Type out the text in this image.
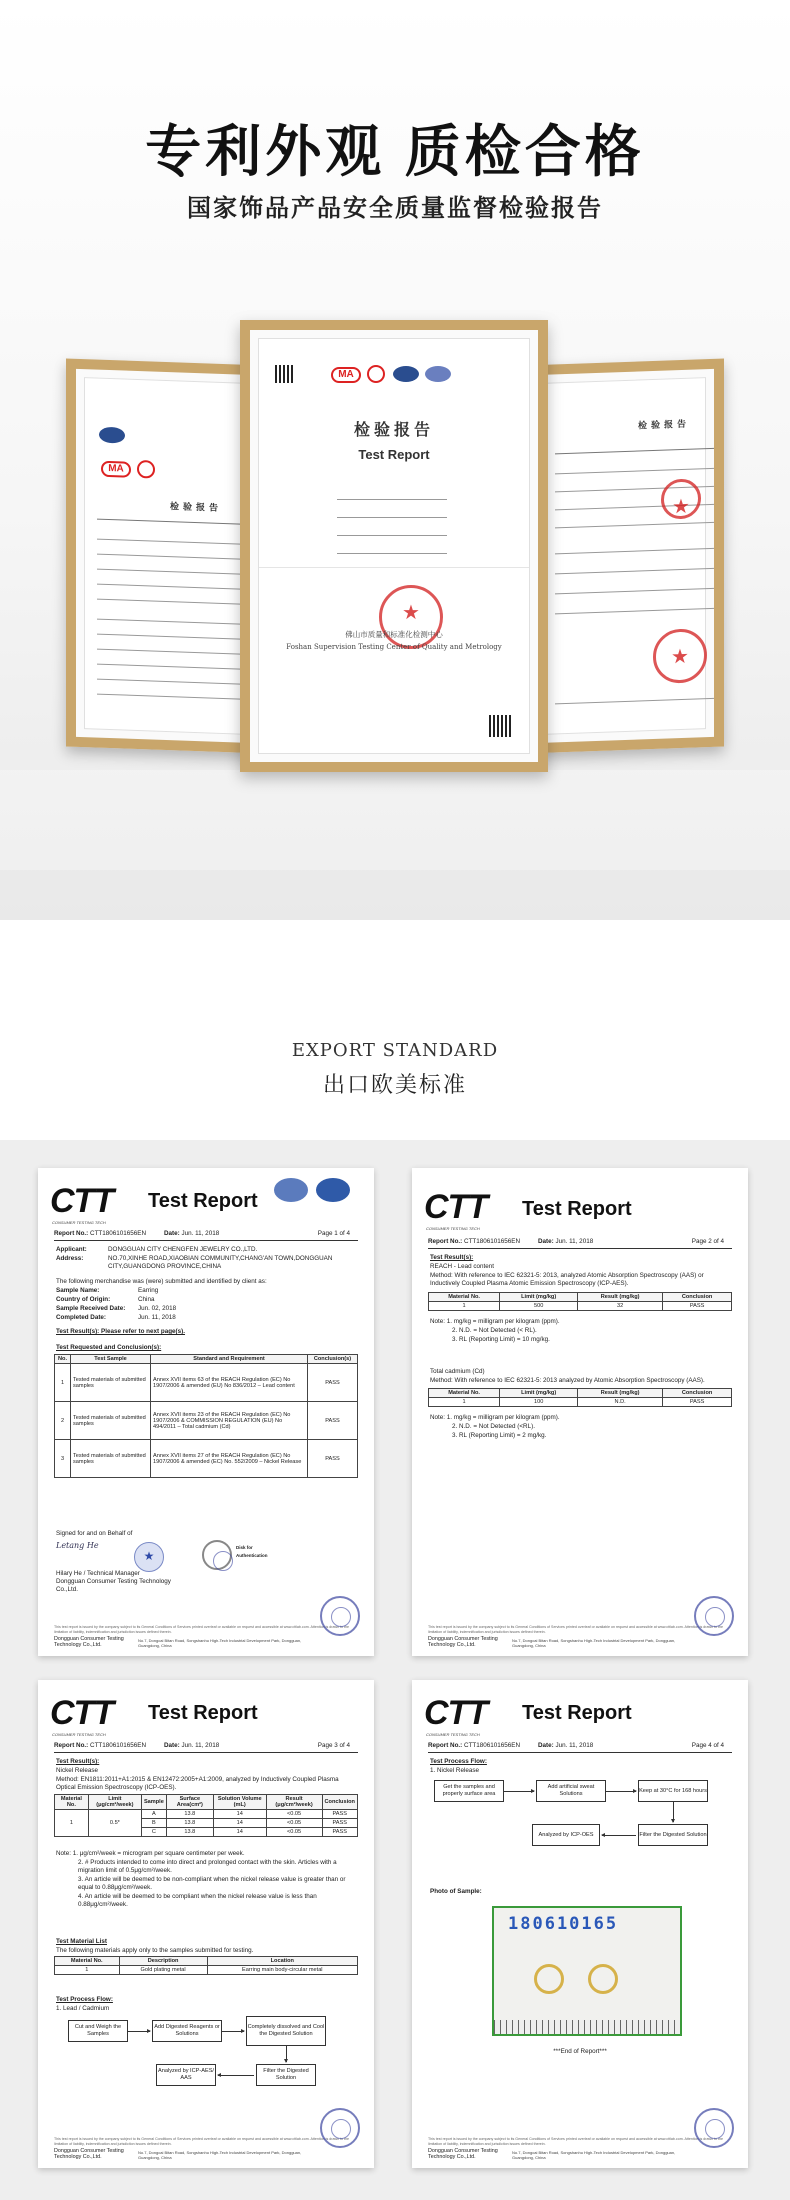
专利外观 质检合格
国家饰品产品安全质量监督检验报告
MA
检验报告
检验报告
★
★
MA
检验报告
Test Report
★
佛山市质量和标准化检测中心
Foshan Supervision Testing Center of Quality and Metrology
EXPORT STANDARD
出口欧美标准
CTT
CONSUMER TESTING TECH
Test Report
Report No.: CTT1806101656EN	Date: Jun. 11, 2018	Page 1 of 4
Applicant:	DONGGUAN CITY CHENGFEN JEWELRY CO.,LTD.
Address:	NO.70,XINHE ROAD,XIAOBIAN COMMUNITY,CHANG'AN TOWN,DONGGUAN CITY,GUANGDONG PROVINCE,CHINA
The following merchandise was (were) submitted and identified by client as:
Sample Name:	Earring
Country of Origin:	China
Sample Received Date: Jun. 02, 2018
Completed Date:	Jun. 11, 2018
Test Result(s): Please refer to next page(s).
Test Requested and Conclusion(s):
No.	Test Sample	Standard and Requirement	Conclusion(s)
1	Tested materials of submitted samples	Annex XVII items 63 of the REACH Regulation (EC) No 1907/2006 & amended (EU) No 836/2012 – Lead content	PASS
2	Tested materials of submitted samples	Annex XVII items 23 of the REACH Regulation (EC) No 1907/2006 & COMMISSION REGULATION (EU) No 494/2011 – Total cadmium (Cd)	PASS
3	Tested materials of submitted samples	Annex XVII items 27 of the REACH Regulation (EC) No 1907/2006 & amended (EC) No. 552/2009 – Nickel Release	PASS
Signed for and on Behalf of
Letang He
★
Hilary He / Technical Manager
Dongguan Consumer Testing Technology Co.,Ltd.
Disk for Authentication
This test report is issued by the company subject to its General Conditions of Services printed overleaf or available on request and accessible at www.cttlab.com. Attention is drawn to the limitation of liability, indemnification and jurisdiction issues defined therein.
Dongguan Consumer Testing Technology Co.,Ltd.
No.7, Dongcai Bitan Road, Songshanhu High-Tech Industrial Development Park, Dongguan, Guangdong, China
CTT
CONSUMER TESTING TECH
Test Report
Report No.: CTT1806101656EN	Date: Jun. 11, 2018	Page 2 of 4
Test Result(s):
REACH - Lead content
Method: With reference to IEC 62321-5: 2013, analyzed Atomic Absorption Spectroscopy (AAS) or Inductively Coupled Plasma Atomic Emission Spectroscopy (ICP-AES).
Material No.	Limit (mg/kg)	Result (mg/kg)	Conclusion
1	500	32	PASS
Note: 1. mg/kg = milligram per kilogram (ppm).
2. N.D. = Not Detected (< RL).
3. RL (Reporting Limit) = 10 mg/kg.
Total cadmium (Cd)
Method: With reference to IEC 62321-5: 2013 analyzed by Atomic Absorption Spectroscopy (AAS).
Material No.	Limit (mg/kg)	Result (mg/kg)	Conclusion
1	100	N.D.	PASS
Note: 1. mg/kg = milligram per kilogram (ppm).
2. N.D. = Not Detected (<RL).
3. RL (Reporting Limit) = 2 mg/kg.
This test report is issued by the company subject to its General Conditions of Services printed overleaf or available on request and accessible at www.cttlab.com. Attention is drawn to the limitation of liability, indemnification and jurisdiction issues defined therein.
Dongguan Consumer Testing Technology Co.,Ltd.
No.7, Dongcai Bitan Road, Songshanhu High-Tech Industrial Development Park, Dongguan, Guangdong, China
CTT
CONSUMER TESTING TECH
Test Report
Report No.: CTT1806101656EN	Date: Jun. 11, 2018	Page 3 of 4
Test Result(s):
Nickel Release
Method: EN1811:2011+A1:2015 & EN12472:2005+A1:2009, analyzed by Inductively Coupled Plasma Optical Emission Spectroscopy (ICP-OES).
Material No.	Limit (μg/cm²/week)	Sample	Surface Area(cm²)	Solution Volume (mL)	Result (μg/cm²/week)	Conclusion
1	0.5*	A	13.8	14	<0.05	PASS
		B	13.8	14	<0.05	PASS
		C	13.8	14	<0.05	PASS
Note: 1. μg/cm²/week = microgram per square centimeter per week.
2. # Products intended to come into direct and prolonged contact with the skin. Articles with a migration limit of 0.5μg/cm²/week.
3. An article will be deemed to be non-compliant when the nickel release value is greater than or equal to 0.88μg/cm²/week.
4. An article will be deemed to be compliant when the nickel release value is less than 0.88μg/cm²/week.
Test Material List
The following materials apply only to the samples submitted for testing.
Material No.	Description	Location
1	Gold plating metal	Earring main body-circular metal
Test Process Flow:
1. Lead / Cadmium
Cut and Weigh the Samples
Add Digested Reagents or Solutions
Completely dissolved and Cool the Digested Solution
Filter the Digested Solution
Analyzed by ICP-AES/ AAS
This test report is issued by the company subject to its General Conditions of Services printed overleaf or available on request and accessible at www.cttlab.com. Attention is drawn to the limitation of liability, indemnification and jurisdiction issues defined therein.
Dongguan Consumer Testing Technology Co.,Ltd.
No.7, Dongcai Bitan Road, Songshanhu High-Tech Industrial Development Park, Dongguan, Guangdong, China
CTT
CONSUMER TESTING TECH
Test Report
Report No.: CTT1806101656EN	Date: Jun. 11, 2018	Page 4 of 4
Test Process Flow:
1. Nickel Release
Get the samples and properly surface area
Add artificial sweat Solutions
Keep at 30°C for 168 hours
Filter the Digested Solution
Analyzed by ICP-OES
Photo of Sample:
180610165
***End of Report***
This test report is issued by the company subject to its General Conditions of Services printed overleaf or available on request and accessible at www.cttlab.com. Attention is drawn to the limitation of liability, indemnification and jurisdiction issues defined therein.
Dongguan Consumer Testing Technology Co.,Ltd.
No.7, Dongcai Bitan Road, Songshanhu High-Tech Industrial Development Park, Dongguan, Guangdong, China
